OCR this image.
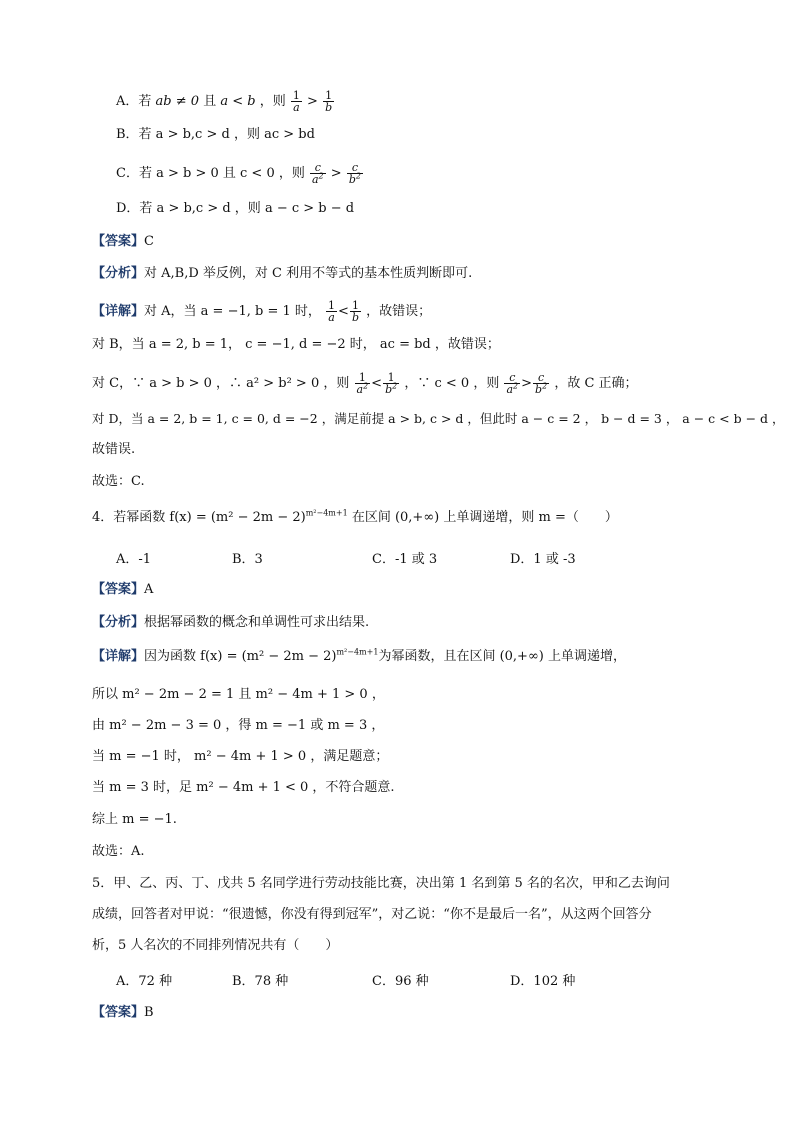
A．若 ab ≠ 0 且 a < b ，则 $\frac{1}{a} > \frac{1}{b}$
B．若 a > b,c > d ，则 ac > bd
C．若 a > b > 0 且 c < 0 ，则 $\frac{c}{a^2} > \frac{c}{b^2}$
D．若 a > b,c > d ，则 a − c > b − d
【答案】C
【分析】对 A,B,D 举反例，对 C 利用不等式的基本性质判断即可.
【详解】对 A，当 a = −1, b = 1 时， $\frac{1}{a} < \frac{1}{b}$ ，故错误；
对 B，当 a = 2, b = 1， c = −1, d = −2 时， ac = bd ，故错误；
对 C，∵ a > b > 0 ，∴ a² > b² > 0 ，则 $\frac{1}{a^2} < \frac{1}{b^2}$ ，∵ c < 0 ，则 $\frac{c}{a^2} > \frac{c}{b^2}$ ，故 C 正确；
对 D，当 a = 2, b = 1, c = 0, d = −2 ，满足前提 a > b, c > d ，但此时 a − c = 2 ， b − d = 3 ， a − c < b − d ，
故错误.
故选：C.
4．若幂函数 $f(x) = (m^2 - 2m - 2)^{m^2-4m+1}$ 在区间 (0,+∞) 上单调递增，则 m =（　　）
A．-1	B．3	C．-1 或 3	D．1 或 -3
【答案】A
【分析】根据幂函数的概念和单调性可求出结果.
【详解】因为函数 $f(x) = (m^2 - 2m - 2)^{m^2-4m+1}$为幂函数，且在区间 (0,+∞) 上单调递增，
所以 m² − 2m − 2 = 1 且 m² − 4m + 1 > 0 ，
由 m² − 2m − 3 = 0 ，得 m = −1 或 m = 3 ，
当 m = −1 时， m² − 4m + 1 > 0 ，满足题意；
当 m = 3 时，足 m² − 4m + 1 < 0 ，不符合题意.
综上 m = −1.
故选：A.
5．甲、乙、丙、丁、戊共 5 名同学进行劳动技能比赛，决出第 1 名到第 5 名的名次，甲和乙去询问
成绩，回答者对甲说：“很遗憾，你没有得到冠军”，对乙说：“你不是最后一名”，从这两个回答分
析，5 人名次的不同排列情况共有（　　）
A．72 种	B．78 种	C．96 种	D．102 种
【答案】B
